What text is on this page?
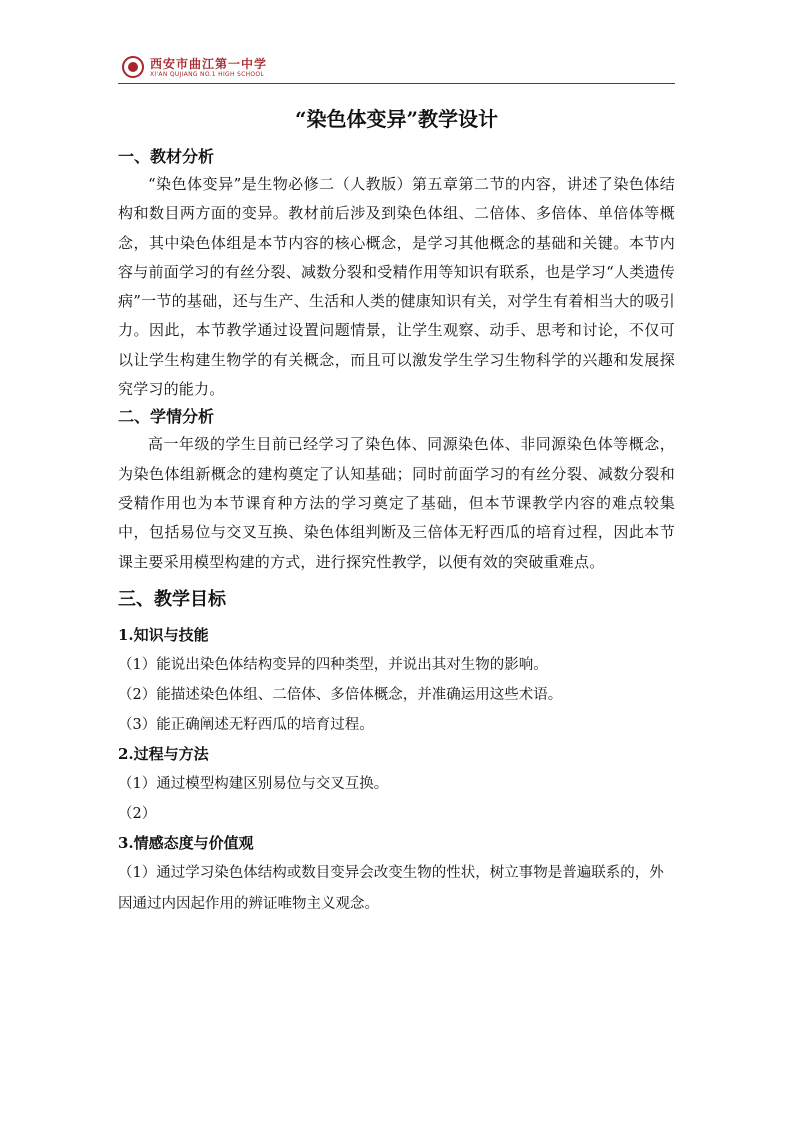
西安市曲江第一中学
XI'AN QUJIANG NO.1 HIGH SCHOOL
“染色体变异”教学设计
一、教材分析

“染色体变异”是生物必修二（人教版）第五章第二节的内容，讲述了染色体结构和数目两方面的变异。教材前后涉及到染色体组、二倍体、多倍体、单倍体等概念，其中染色体组是本节内容的核心概念，是学习其他概念的基础和关键。本节内容与前面学习的有丝分裂、减数分裂和受精作用等知识有联系，也是学习“人类遗传病”一节的基础，还与生产、生活和人类的健康知识有关，对学生有着相当大的吸引力。因此，本节教学通过设置问题情景，让学生观察、动手、思考和讨论，不仅可以让学生构建生物学的有关概念，而且可以激发学生学习生物科学的兴趣和发展探究学习的能力。

二、学情分析

高一年级的学生目前已经学习了染色体、同源染色体、非同源染色体等概念，为染色体组新概念的建构奠定了认知基础；同时前面学习的有丝分裂、减数分裂和受精作用也为本节课育种方法的学习奠定了基础，但本节课教学内容的难点较集中，包括易位与交叉互换、染色体组判断及三倍体无籽西瓜的培育过程，因此本节课主要采用模型构建的方式，进行探究性教学，以便有效的突破重难点。

三、教学目标
1.知识与技能

（1）能说出染色体结构变异的四种类型，并说出其对生物的影响。

（2）能描述染色体组、二倍体、多倍体概念，并准确运用这些术语。

（3）能正确阐述无籽西瓜的培育过程。

2.过程与方法

（1）通过模型构建区别易位与交叉互换。

（2）

3.情感态度与价值观

（1）通过学习染色体结构或数目变异会改变生物的性状，树立事物是普遍联系的，外因通过内因起作用的辨证唯物主义观念。
